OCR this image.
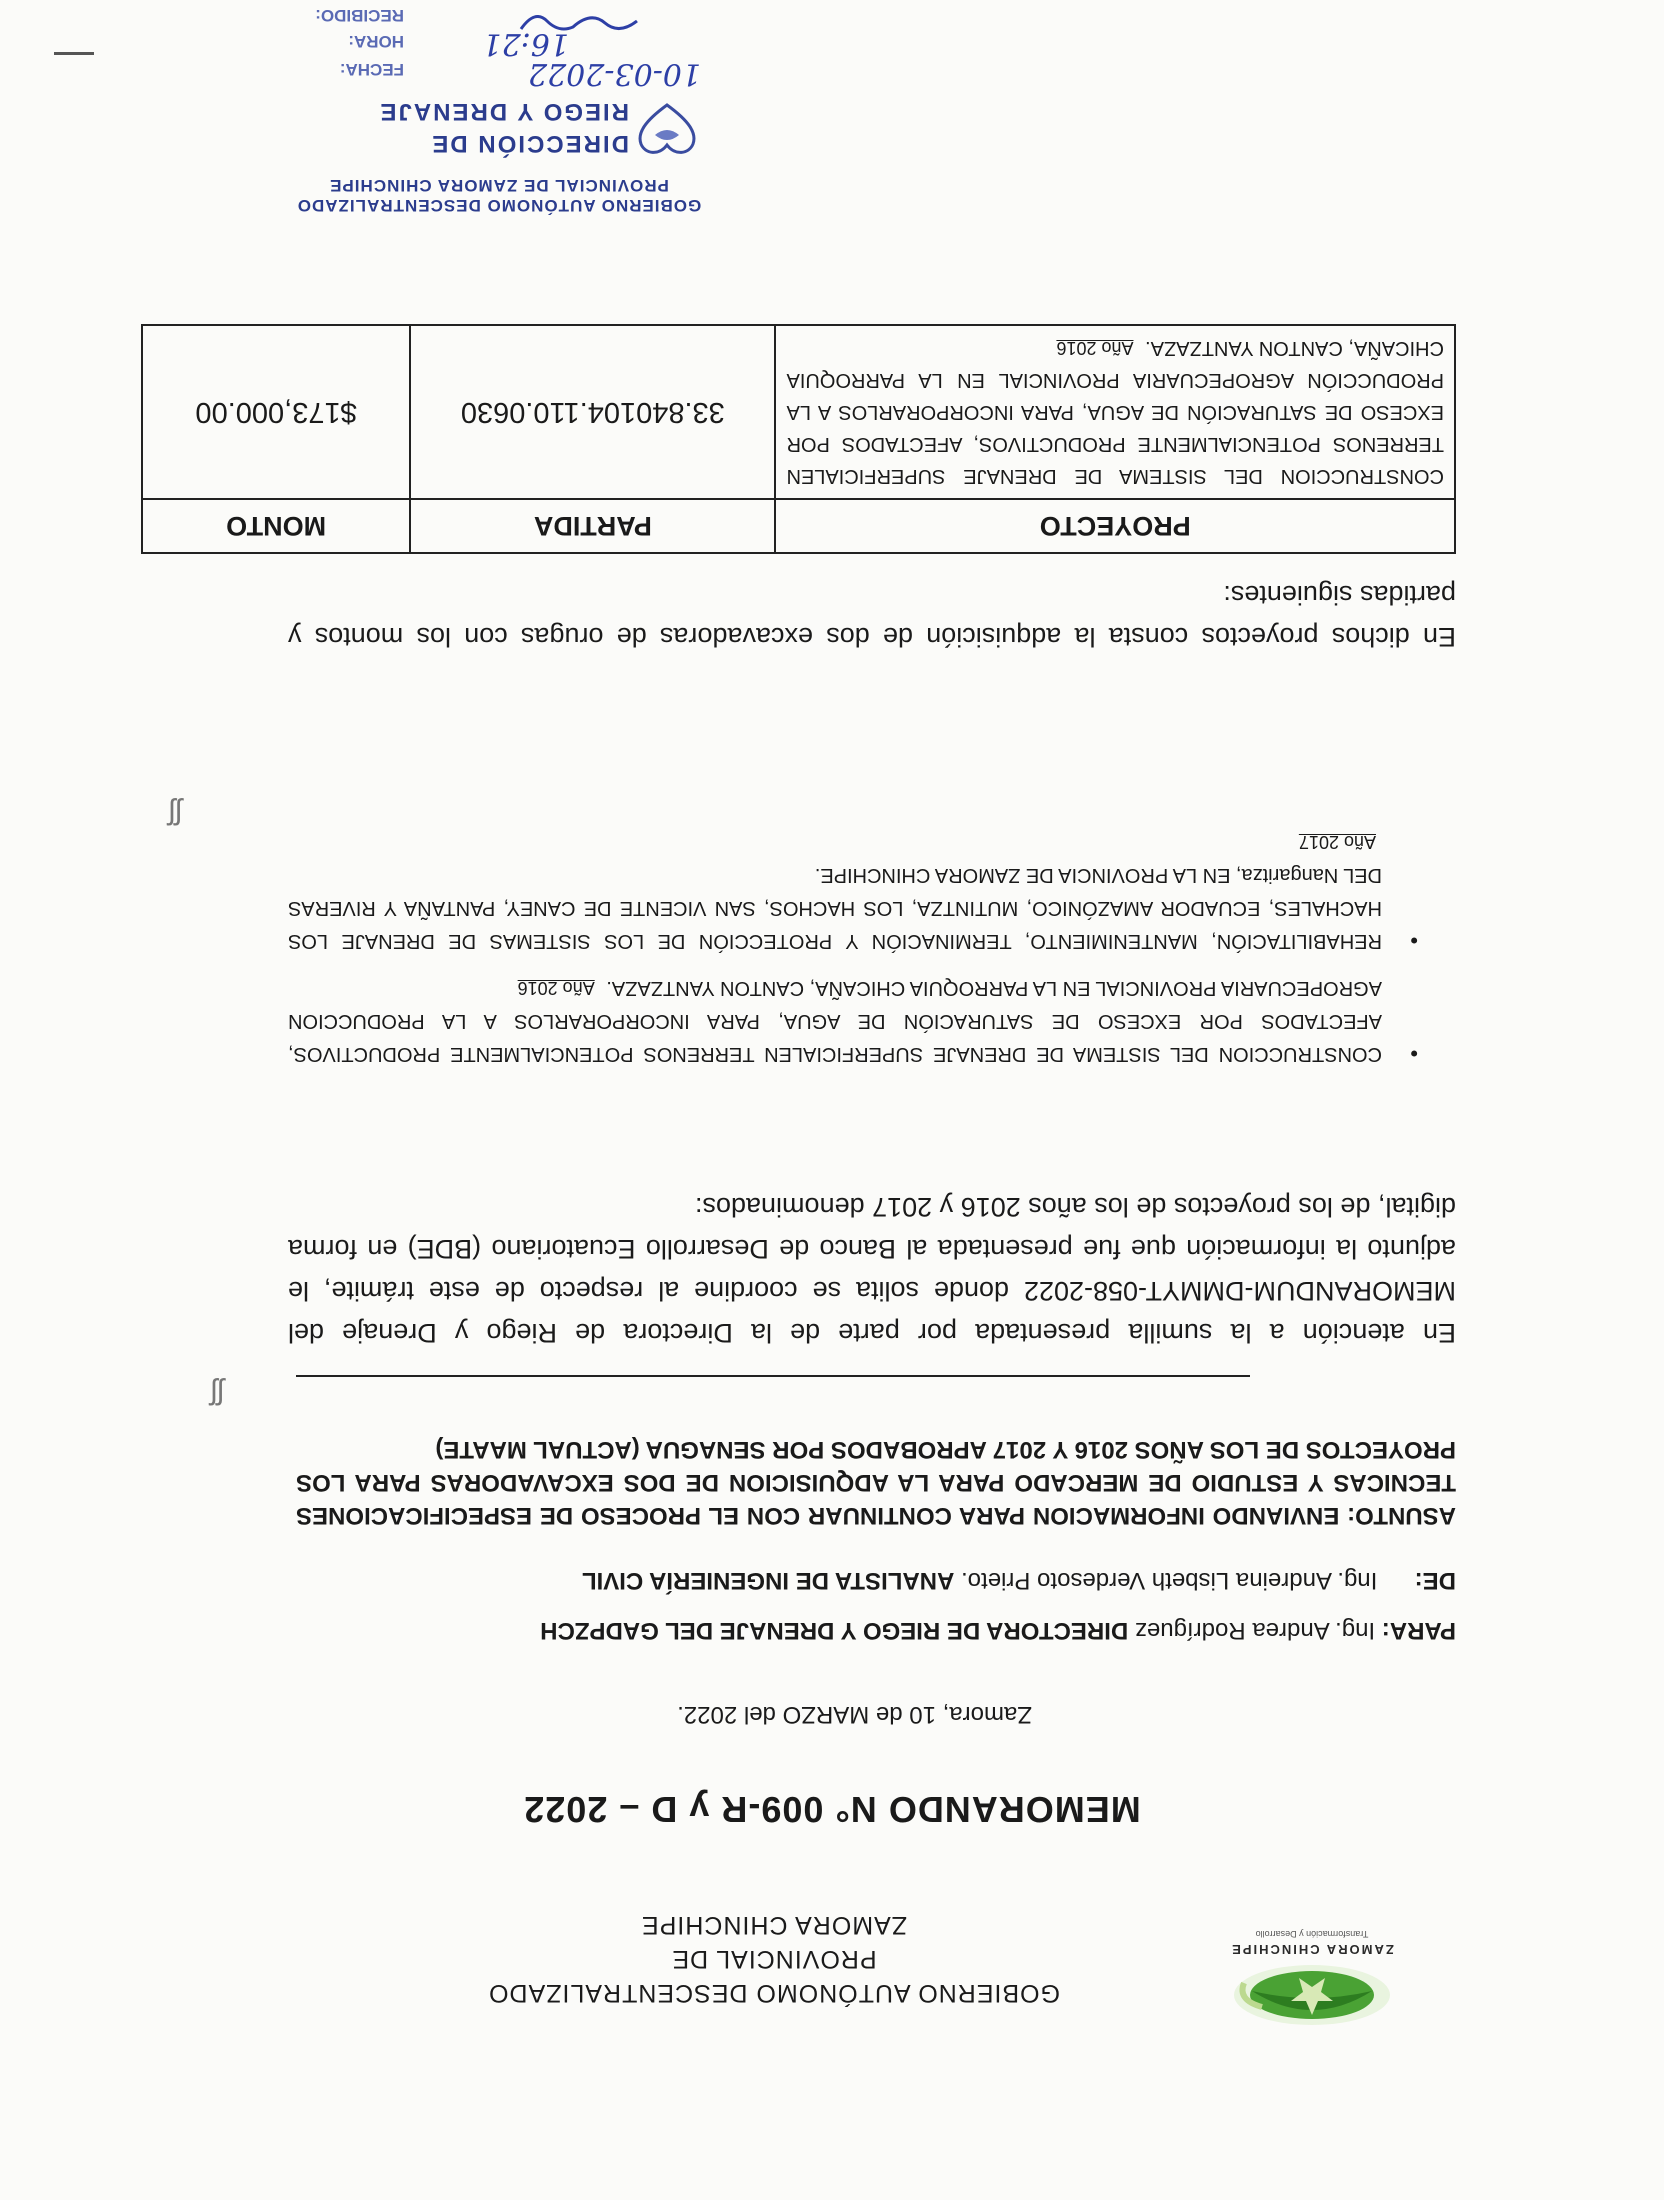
ZAMORA CHINCHIPE
Transformación y Desarrollo
GOBIERNO AUTÓNOMO DESCENTRALIZADO PROVINCIAL DE
ZAMORA CHINCHIPE
MEMORANDO N° 009-R y D – 2022
Zamora, 10 de MARZO del 2022.
PARA: Ing. Andrea Rodríguez DIRECTORA DE RIEGO Y DRENAJE DEL GADPZCH
DE: Ing. Andreina Lisbeth Verdesoto Prieto. ANALISTA DE INGENIERÍA CIVIL
ASUNTO: ENVIANDO INFORMACION PARA CONTINUAR CON EL PROCESO DE ESPECIFICACIONES TECNICAS Y ESTUDIO DE MERCADO PARA LA ADQUISICION DE DOS EXCAVADORAS PARA LOS PROYECTOS DE LOS AÑOS 2016 Y 2017 APROBADOS POR SENAGUA (ACTUAL MAATE)
En atención a la sumilla presentada por parte de la Directora de Riego y Drenaje del MEMORANDUM-DMMYT-058-2022 donde solita se coordine al respecto de este trámite, le adjunto la información que fue presentada al Banco de Desarrollo Ecuatoriano (BDE) en forma digital, de los proyectos de los años 2016 y 2017 denominados:
•
CONSTRUCCION DEL SISTEMA DE DRENAJE SUPERFICIALEN TERRENOS POTENCIALMENTE PRODUCTIVOS, AFECTADOS POR EXCESO DE SATURACIÓN DE AGUA, PARA INCORPORARLOS A LA PRODUCCION AGROPECUARIA PROVINCIAL EN LA PARROQUIA CHICAÑA, CANTON YANTZAZA. Año 2016
•
REHABILITACIÓN, MANTENIMIENTO, TERMINACIÓN Y PROTECCIÓN DE LOS SISTEMAS DE DRENAJE LOS HACHALES, ECUADOR AMAZÓNICO, MUTINTZA, LOS HACHOS, SAN VICENTE DE CANEY, PANTAÑA Y RIVERAS DEL Nangaritza, EN LA PROVINCIA DE ZAMORA CHINCHIPE.
Año 2017
En dichos proyectos consta la adquisición de dos excavadoras de orugas con los montos y partidas siguientes:
PROYECTO	PARTIDA	MONTO
CONSTRUCCION DEL SISTEMA DE DRENAJE SUPERFICIALEN TERRENOS POTENCIALMENTE PRODUCTIVOS, AFECTADOS POR EXCESO DE SATURACIÓN DE AGUA, PARA INCORPORARLOS A LA PRODUCCIÓN AGROPECUARIA PROVINCIAL EN LA PARROQUIA CHICAÑA, CANTON YANTZAZA. Año 2016	33.840104.110.0630	$173,000.00
GOBIERNO AUTÓNOMO DESCENTRALIZADO
PROVINCIAL DE ZAMORA CHINCHIPE
DIRECCIÓN DE
RIEGO Y DRENAJE
FECHA:	10-03-2022
HORA:	16:21
RECIBIDO:
ʃʃ
ʃʃ
